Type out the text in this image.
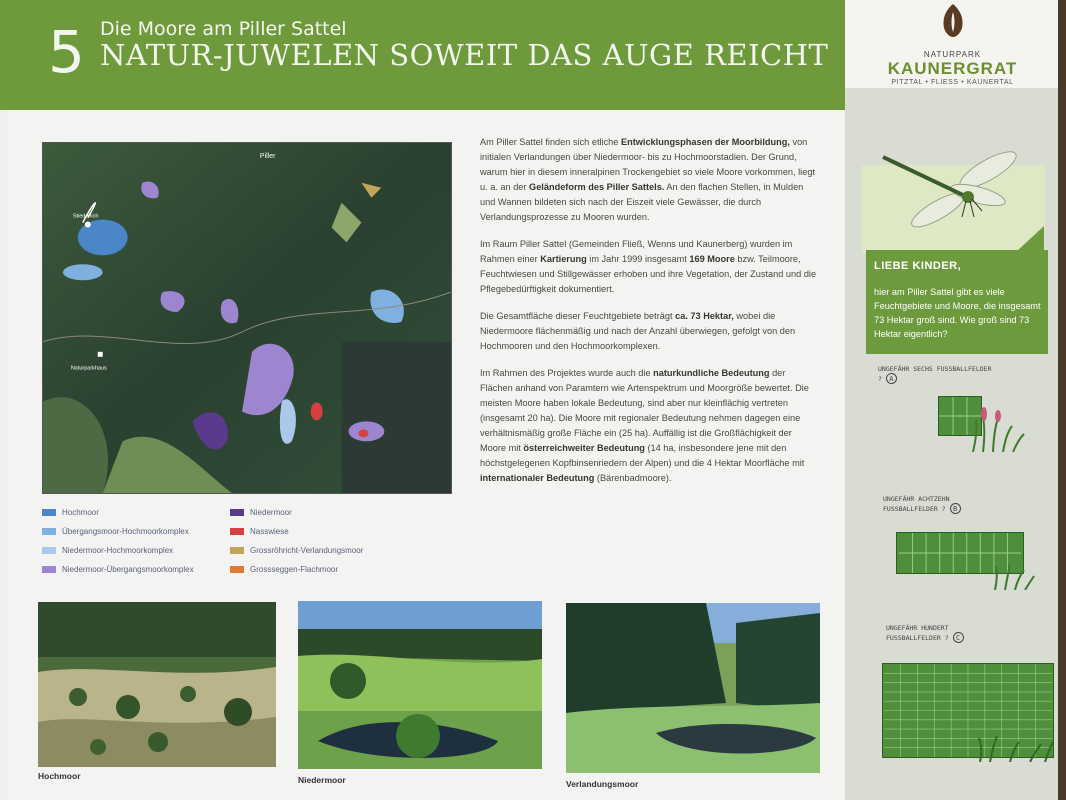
5 Die Moore am Piller Sattel
NATUR-JUWELEN SOWEIT DAS AUGE REICHT	NATURPARK
KAUNERGRAT
PITZTAL • FLIESS • KAUNERTAL
Piller
Stiederlich
Naturparkhaus
Hochmoor
Übergangsmoor-Hochmoorkomplex
Niedermoor-Hochmoorkomplex
Niedermoor-Übergangsmoorkomplex
Niedermoor
Nasswiese
Grossröhricht-Verlandungsmoor
Grossseggen-Flachmoor

Am Piller Sattel finden sich etliche Entwicklungsphasen der Moorbildung, von initialen Verlandungen über Niedermoor- bis zu Hochmoorstadien. Der Grund, warum hier in diesem inneralpinen Trockengebiet so viele Moore vorkommen, liegt u. a. an der Geländeform des Piller Sattels. An den flachen Stellen, in Mulden und Wannen bildeten sich nach der Eiszeit viele Gewässer, die durch Verlandungsprozesse zu Mooren wurden.

Im Raum Piller Sattel (Gemeinden Fließ, Wenns und Kaunerberg) wurden im Rahmen einer Kartierung im Jahr 1999 insgesamt 169 Moore bzw. Teilmoore, Feuchtwiesen und Stillgewässer erhoben und ihre Vegetation, der Zustand und die Pflegebedürftigkeit dokumentiert.

Die Gesamtfläche dieser Feuchtgebiete beträgt ca. 73 Hektar, wobei die Niedermoore flächenmäßig und nach der Anzahl überwiegen, gefolgt von den Hochmooren und den Hochmoorkomplexen.

Im Rahmen des Projektes wurde auch die naturkundliche Bedeutung der Flächen anhand von Paramtern wie Artenspektrum und Moorgröße bewertet. Die meisten Moore haben lokale Bedeutung, sind aber nur kleinflächig vertreten (insgesamt 20 ha). Die Moore mit regionaler Bedeutung nehmen dagegen eine verhältnismäßig große Fläche ein (25 ha). Auffällig ist die Großflächigkeit der Moore mit österreichweiter Bedeutung (14 ha, insbesondere jene mit den höchstgelegenen Kopfbinsenriedern der Alpen) und die 4 Hektar Moorfläche mit internationaler Bedeutung (Bärenbadmoore).

Hochmoor	Niedermoor	Verlandungsmoor
LIEBE KINDER,
hier am Piller Sattel gibt es viele Feuchtgebiete und Moore, die insgesamt 73 Hektar groß sind. Wie groß sind 73 Hektar eigentlich?
UNGEFÄHR SECHS FUSSBALLFELDER ? A
UNGEFÄHR ACHTZEHN FUSSBALLFELDER ? B
UNGEFÄHR HUNDERT FUSSBALLFELDER ? C
